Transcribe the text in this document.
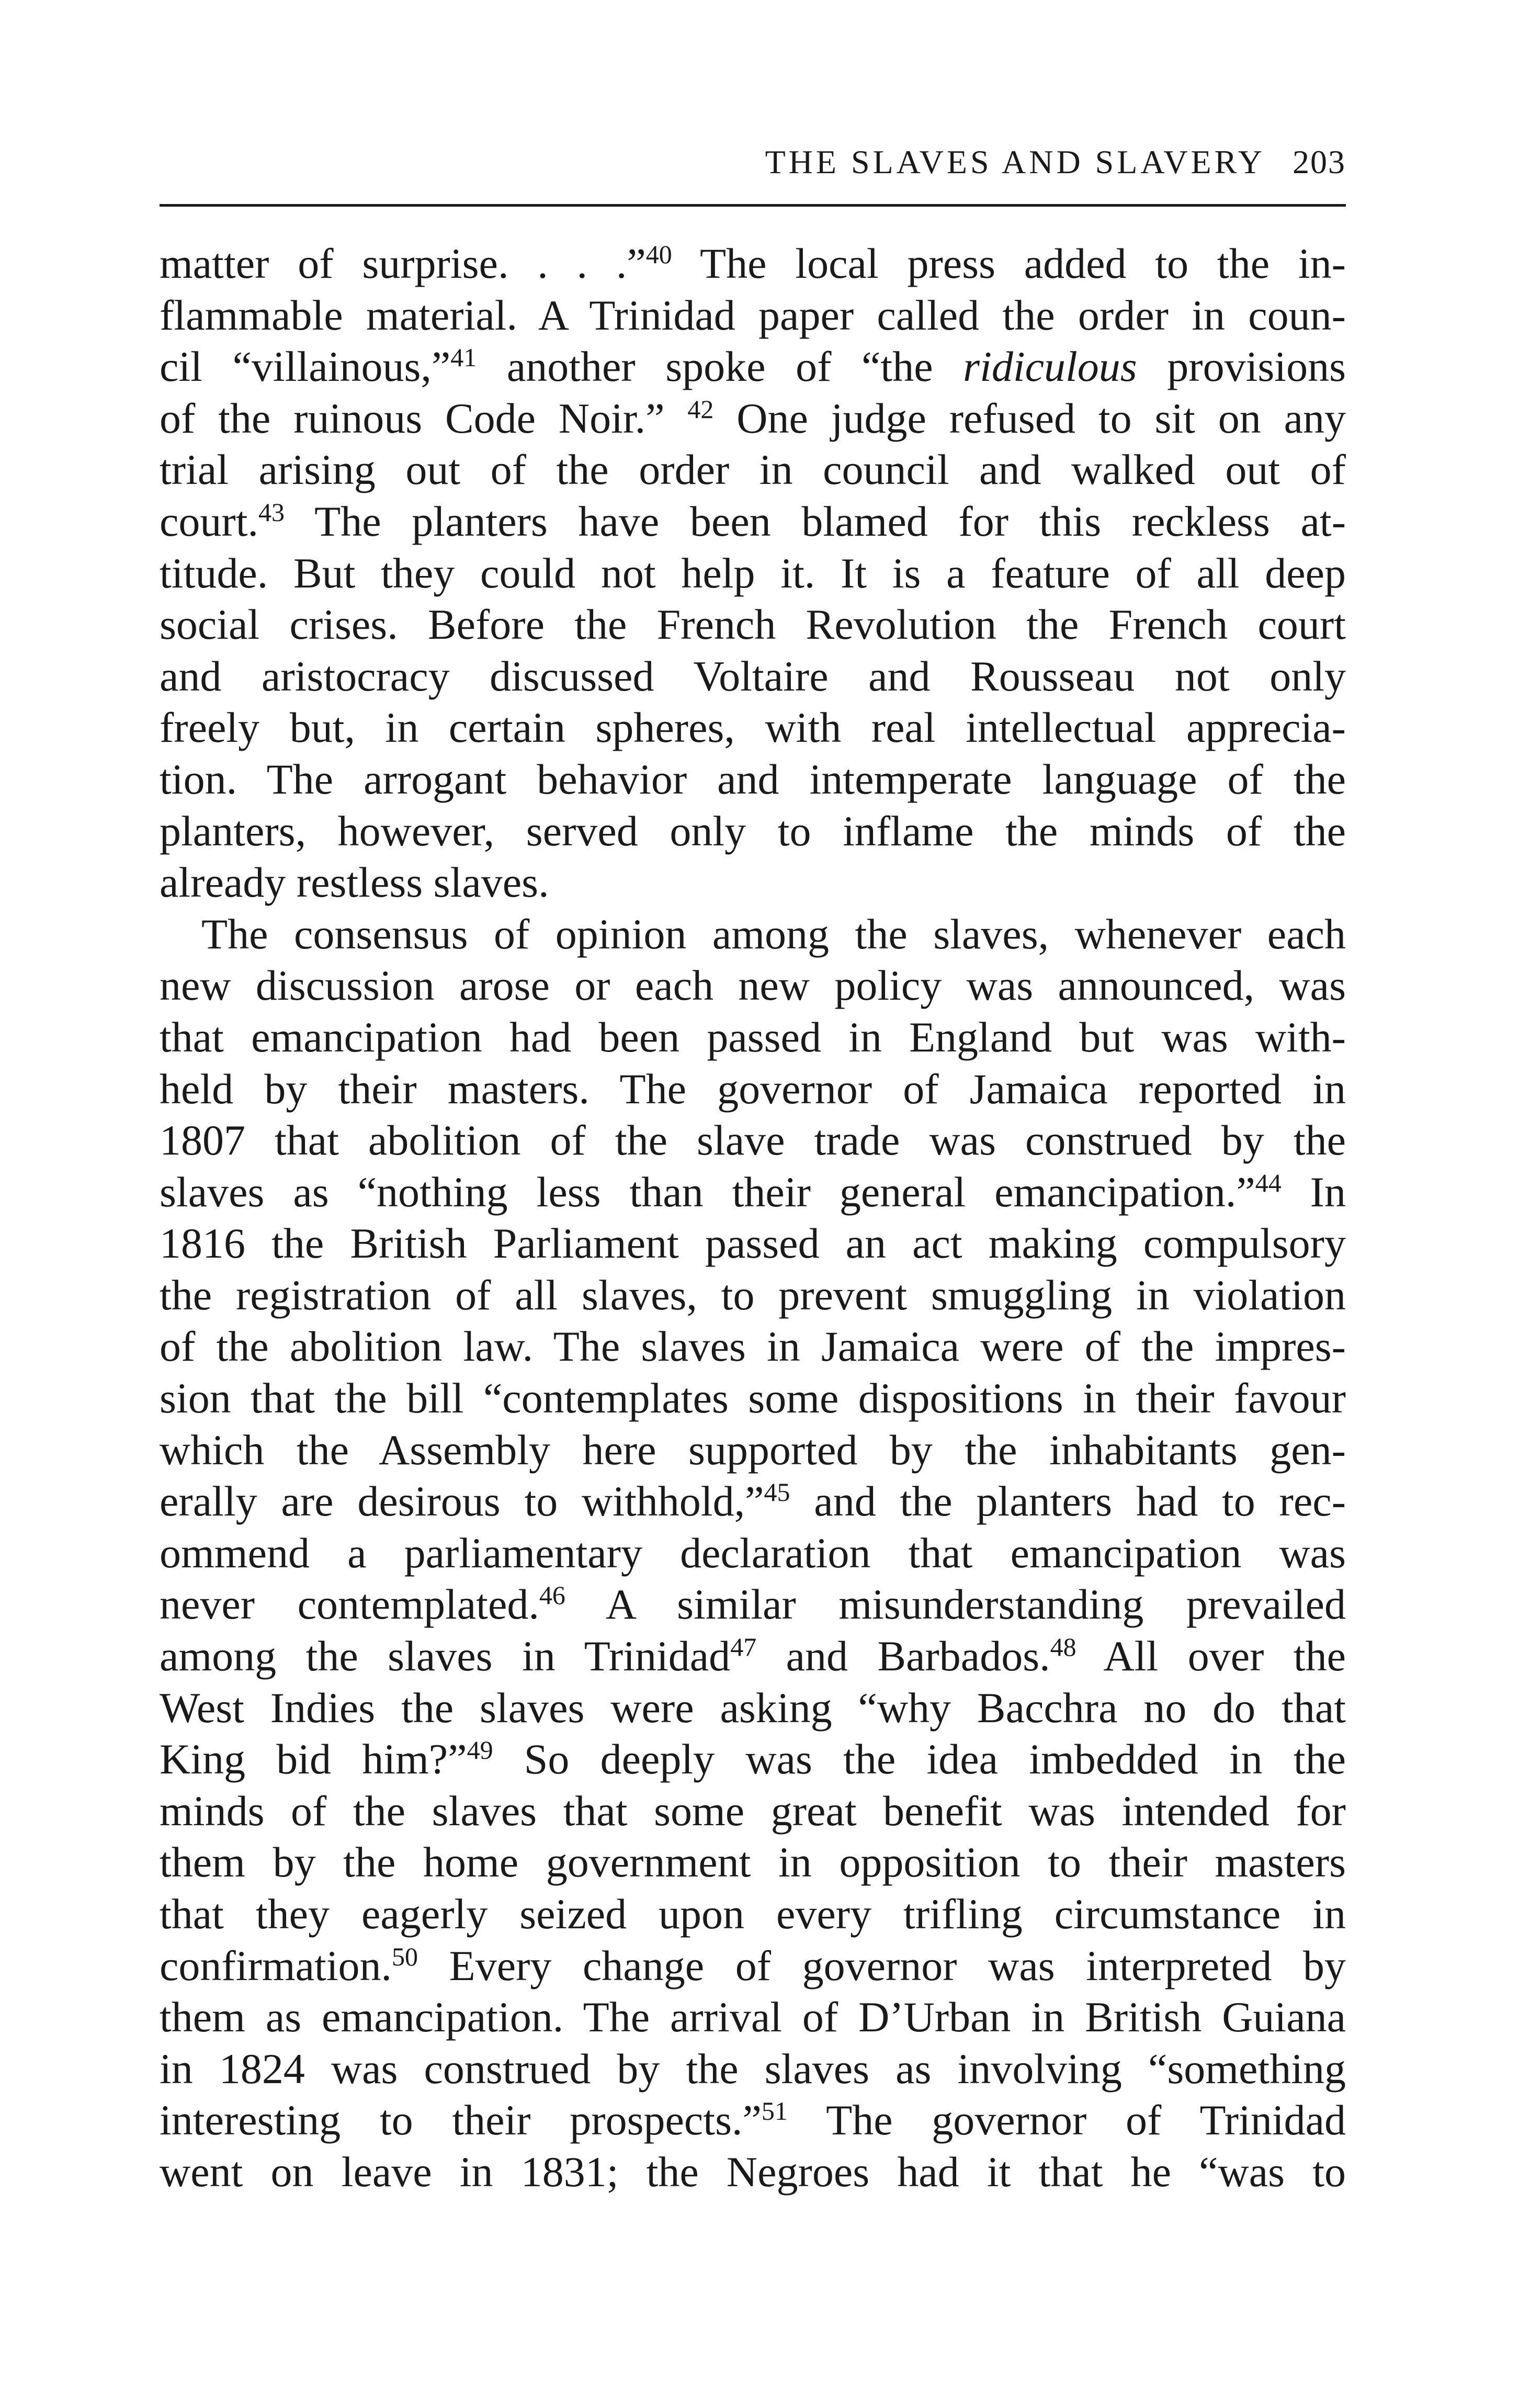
THE SLAVES AND SLAVERY 203
matter of surprise. . . .”$^{40}$ The local press added to the in-
flammable material. A Trinidad paper called the order in coun-
cil “villainous,”$^{41}$ another spoke of “the ridiculous provisions
of the ruinous Code Noir.” $^{42}$ One judge refused to sit on any
trial arising out of the order in council and walked out of
court.$^{43}$ The planters have been blamed for this reckless at-
titude. But they could not help it. It is a feature of all deep
social crises. Before the French Revolution the French court
and aristocracy discussed Voltaire and Rousseau not only
freely but, in certain spheres, with real intellectual apprecia-
tion. The arrogant behavior and intemperate language of the
planters, however, served only to inflame the minds of the
already restless slaves.
The consensus of opinion among the slaves, whenever each
new discussion arose or each new policy was announced, was
that emancipation had been passed in England but was with-
held by their masters. The governor of Jamaica reported in
1807 that abolition of the slave trade was construed by the
slaves as “nothing less than their general emancipation.”$^{44}$ In
1816 the British Parliament passed an act making compulsory
the registration of all slaves, to prevent smuggling in violation
of the abolition law. The slaves in Jamaica were of the impres-
sion that the bill “contemplates some dispositions in their favour
which the Assembly here supported by the inhabitants gen-
erally are desirous to withhold,”$^{45}$ and the planters had to rec-
ommend a parliamentary declaration that emancipation was
never contemplated.$^{46}$ A similar misunderstanding prevailed
among the slaves in Trinidad$^{47}$ and Barbados.$^{48}$ All over the
West Indies the slaves were asking “why Bacchra no do that
King bid him?”$^{49}$ So deeply was the idea imbedded in the
minds of the slaves that some great benefit was intended for
them by the home government in opposition to their masters
that they eagerly seized upon every trifling circumstance in
confirmation.$^{50}$ Every change of governor was interpreted by
them as emancipation. The arrival of D’Urban in British Guiana
in 1824 was construed by the slaves as involving “something
interesting to their prospects.”$^{51}$ The governor of Trinidad
went on leave in 1831; the Negroes had it that he “was to
